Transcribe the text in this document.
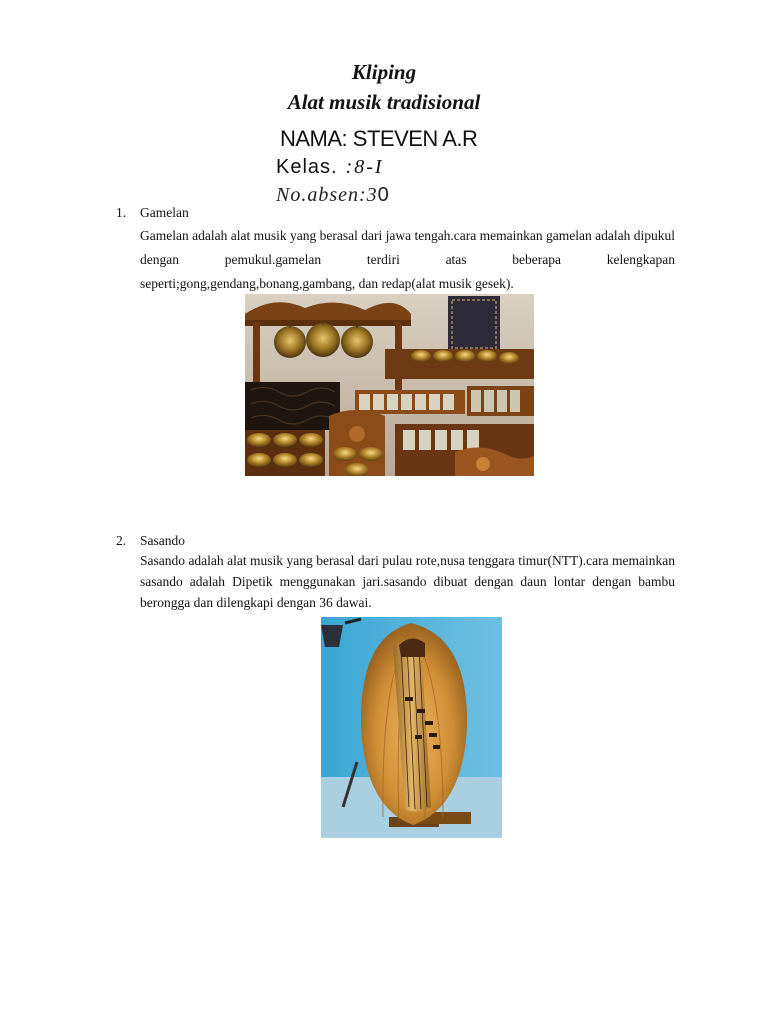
Kliping
Alat musik tradisional
NAMA: STEVEN A.R
Kelas. :8-I
No.absen:30
1. Gamelan
Gamelan adalah alat musik yang berasal dari jawa tengah.cara memainkan gamelan adalah dipukul dengan pemukul.gamelan terdiri atas beberapa kelengkapan seperti;gong,gendang,bonang,gambang, dan redap(alat musik gesek).
2. Sasando
Sasando adalah alat musik yang berasal dari pulau rote,nusa tenggara timur(NTT).cara memainkan sasando adalah Dipetik menggunakan jari.sasando dibuat dengan daun lontar dengan bambu berongga dan dilengkapi dengan 36 dawai.
